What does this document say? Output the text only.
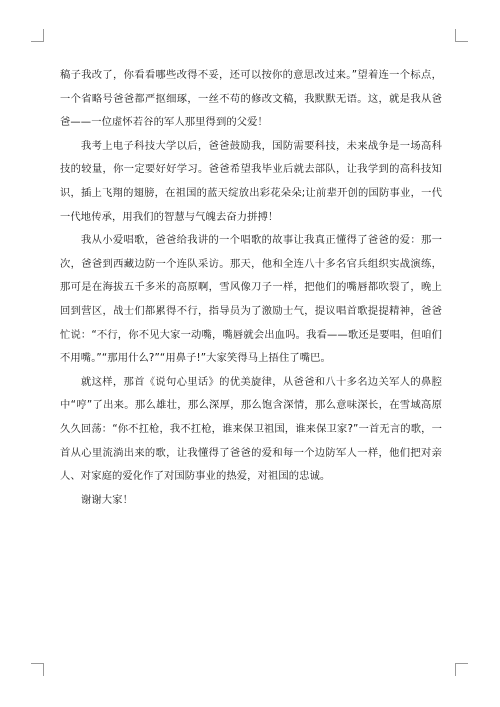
稿子我改了，你看看哪些改得不妥，还可以按你的意思改过来。”望着连一个标点，一个省略号爸爸都严抠细琢，一丝不苟的修改文稿，我默默无语。这，就是我从爸爸——一位虚怀若谷的军人那里得到的父爱！

我考上电子科技大学以后，爸爸鼓励我，国防需要科技，未来战争是一场高科技的较量，你一定要好好学习。爸爸希望我毕业后就去部队，让我学到的高科技知识，插上飞翔的翅膀，在祖国的蓝天绽放出彩花朵朵;让前辈开创的国防事业，一代一代地传承，用我们的智慧与气魄去奋力拼搏！

我从小爱唱歌，爸爸给我讲的一个唱歌的故事让我真正懂得了爸爸的爱：那一次，爸爸到西藏边防一个连队采访。那天，他和全连八十多名官兵组织实战演练，那可是在海拔五千多米的高原啊，雪风像刀子一样，把他们的嘴唇都吹裂了，晚上回到营区，战士们都累得不行，指导员为了激励士气，提议唱首歌提提精神，爸爸忙说：“不行，你不见大家一动嘴，嘴唇就会出血吗。我看——歌还是要唱，但咱们不用嘴。”“那用什么?”“用鼻子!”大家笑得马上捂住了嘴巴。

就这样，那首《说句心里话》的优美旋律，从爸爸和八十多名边关军人的鼻腔中“哼”了出来。那么雄壮，那么深厚，那么饱含深情，那么意味深长，在雪域高原久久回荡：“你不扛枪，我不扛枪，谁来保卫祖国，谁来保卫家?”一首无言的歌，一首从心里流淌出来的歌，让我懂得了爸爸的爱和每一个边防军人一样，他们把对亲人、对家庭的爱化作了对国防事业的热爱，对祖国的忠诚。

谢谢大家！
